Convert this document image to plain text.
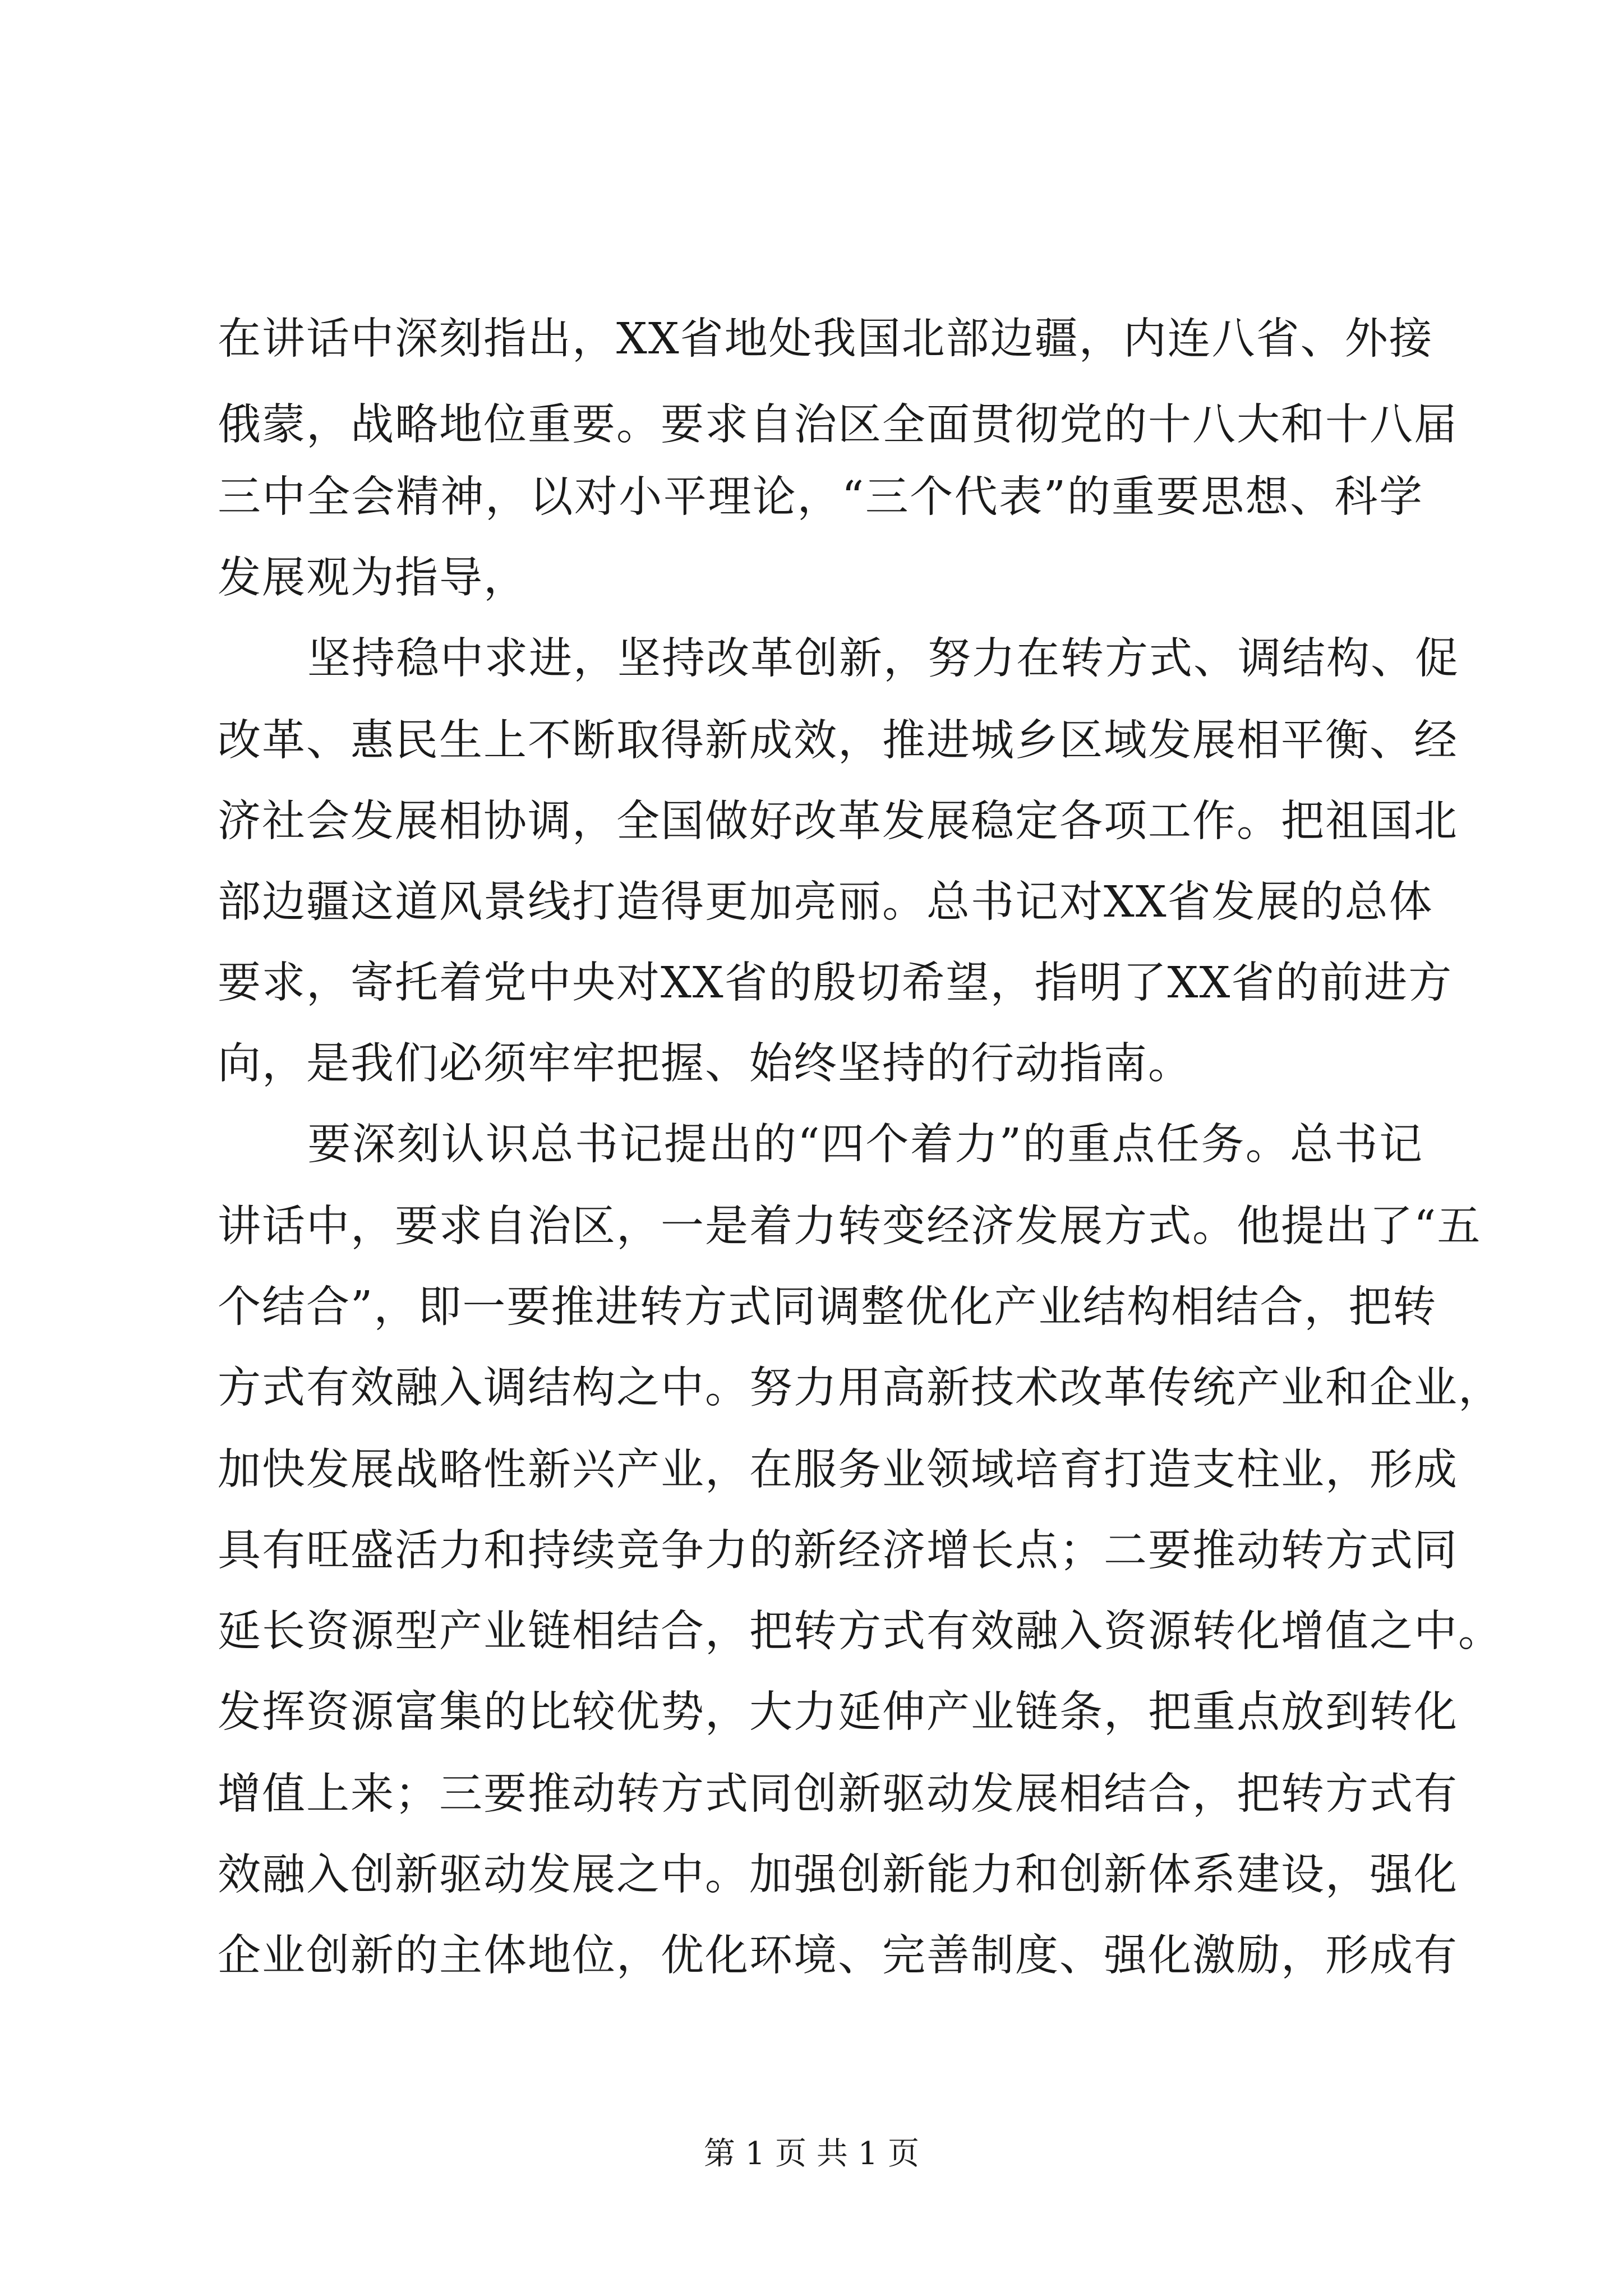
在讲话中深刻指出，XX省地处我国北部边疆，内连八省、外接
俄蒙，战略地位重要。要求自治区全面贯彻党的十八大和十八届
三中全会精神，以对小平理论，“三个代表”的重要思想、科学
发展观为指导，
坚持稳中求进，坚持改革创新，努力在转方式、调结构、促
改革、惠民生上不断取得新成效，推进城乡区域发展相平衡、经
济社会发展相协调，全国做好改革发展稳定各项工作。把祖国北
部边疆这道风景线打造得更加亮丽。总书记对XX省发展的总体
要求，寄托着党中央对XX省的殷切希望，指明了XX省的前进方
向，是我们必须牢牢把握、始终坚持的行动指南。
要深刻认识总书记提出的“四个着力”的重点任务。总书记
讲话中，要求自治区，一是着力转变经济发展方式。他提出了“五
个结合”，即一要推进转方式同调整优化产业结构相结合，把转
方式有效融入调结构之中。努力用高新技术改革传统产业和企业，
加快发展战略性新兴产业，在服务业领域培育打造支柱业，形成
具有旺盛活力和持续竞争力的新经济增长点；二要推动转方式同
延长资源型产业链相结合，把转方式有效融入资源转化增值之中。
发挥资源富集的比较优势，大力延伸产业链条，把重点放到转化
增值上来；三要推动转方式同创新驱动发展相结合，把转方式有
效融入创新驱动发展之中。加强创新能力和创新体系建设，强化
企业创新的主体地位，优化环境、完善制度、强化激励，形成有
第 1 页 共 1 页
